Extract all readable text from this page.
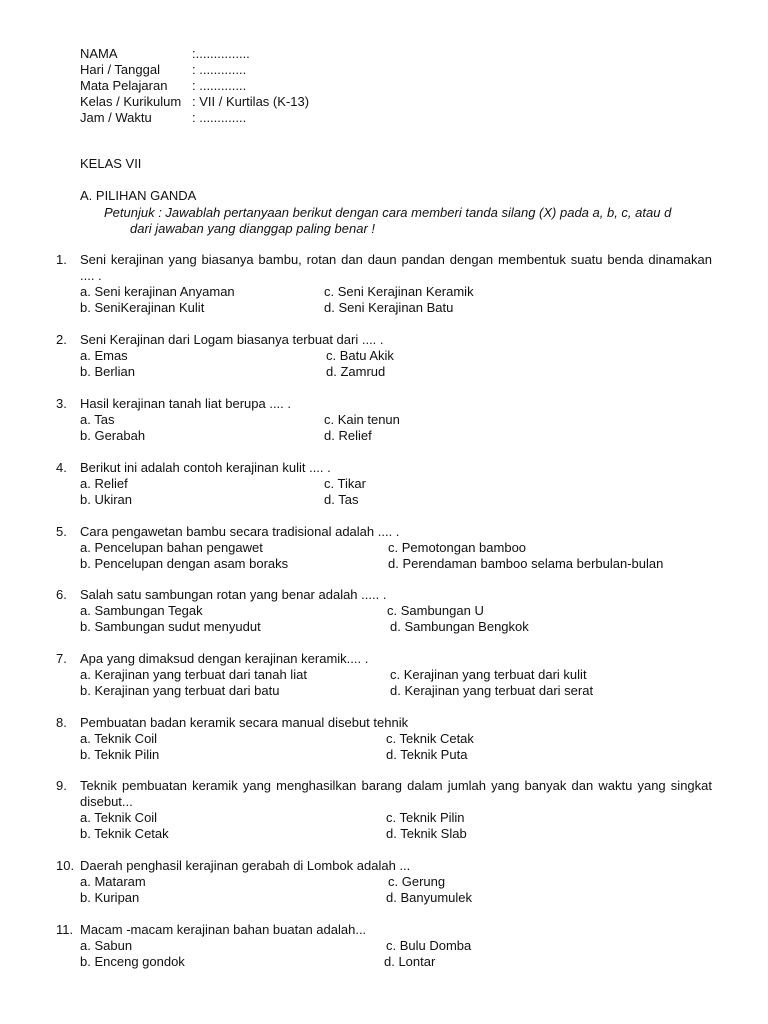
NAMA	:...............
Hari / Tanggal	: .............
Mata Pelajaran	: .............
Kelas / Kurikulum : VII / Kurtilas (K-13)
Jam / Waktu	: .............
KELAS VII
A. PILIHAN GANDA
Petunjuk : Jawablah pertanyaan berikut dengan cara memberi tanda silang (X) pada a, b, c, atau d
dari jawaban yang dianggap paling benar !
1.	Seni kerajinan yang biasanya bambu, rotan dan daun pandan dengan membentuk suatu benda dinamakan .... .
a. Seni kerajinan Anyaman	c. Seni Kerajinan Keramik
b. SeniKerajinan Kulit	d. Seni Kerajinan Batu
2.	Seni Kerajinan dari Logam biasanya terbuat dari .... .
a. Emas	c. Batu Akik
b. Berlian	d. Zamrud
3.	Hasil kerajinan tanah liat berupa .... .
a. Tas	c. Kain tenun
b. Gerabah	d. Relief
4.	Berikut ini adalah contoh kerajinan kulit .... .
a. Relief	c. Tikar
b. Ukiran	d. Tas
5.	Cara pengawetan bambu secara tradisional adalah .... .
a. Pencelupan bahan pengawet	c. Pemotongan bamboo
b. Pencelupan dengan asam boraks	d. Perendaman bamboo selama berbulan-bulan
6.	Salah satu sambungan rotan yang benar adalah ..... .
a. Sambungan Tegak	c. Sambungan U
b. Sambungan sudut menyudut	d. Sambungan Bengkok
7.	Apa yang dimaksud dengan kerajinan keramik.... .
a. Kerajinan yang terbuat dari tanah liat	c. Kerajinan yang terbuat dari kulit
b. Kerajinan yang terbuat dari batu	d. Kerajinan yang terbuat dari serat
8.	Pembuatan badan keramik secara manual disebut tehnik
a. Teknik Coil	c. Teknik Cetak
b. Teknik Pilin	d. Teknik Puta
9.	Teknik pembuatan keramik yang menghasilkan barang dalam jumlah yang banyak dan waktu yang singkat disebut...
a. Teknik Coil	c. Teknik Pilin
b. Teknik Cetak	d. Teknik Slab
10. Daerah penghasil kerajinan gerabah di Lombok adalah ...
a. Mataram	c. Gerung
b. Kuripan	d. Banyumulek
11. Macam -macam kerajinan bahan buatan adalah...
a. Sabun	c. Bulu Domba
b. Enceng gondok	d. Lontar
